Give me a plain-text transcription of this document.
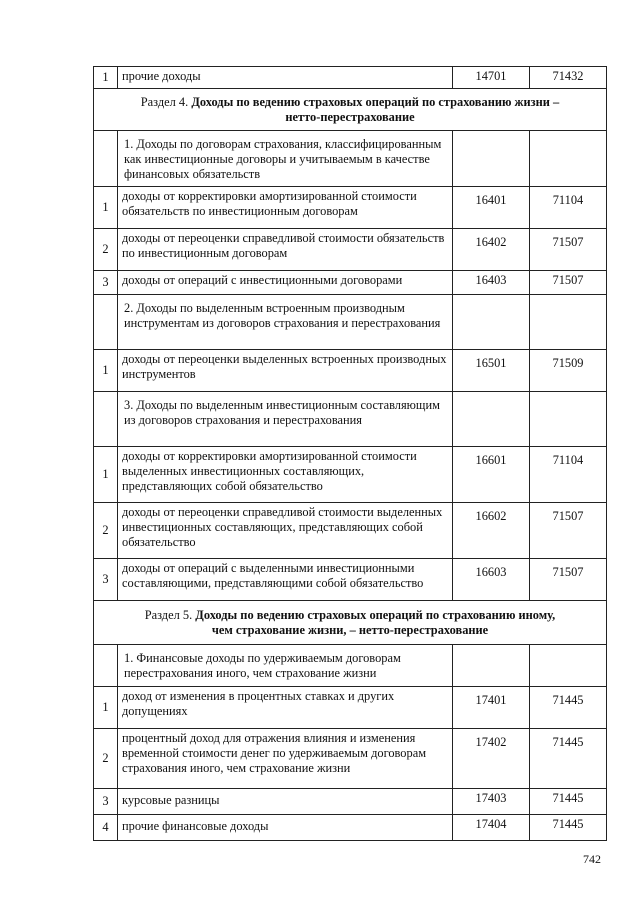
1	прочие доходы	14701	71432
Раздел 4. Доходы по ведению страховых операций по страхованию жизни –
нетто-перестрахование			
	1. Доходы по договорам страхования, классифицированным как инвестиционные договоры и учитываемым в качестве финансовых обязательств		
1	доходы от корректировки амортизированной стоимости обязательств по инвестиционным договорам	16401	71104
2	доходы от переоценки справедливой стоимости обязательств по инвестиционным договорам	16402	71507
3	доходы от операций с инвестиционными договорами	16403	71507
	2. Доходы по выделенным встроенным производным инструментам из договоров страхования и перестрахования		
1	доходы от переоценки выделенных встроенных производных инструментов	16501	71509
	3. Доходы по выделенным инвестиционным составляющим из договоров страхования и перестрахования		
1	доходы от корректировки амортизированной стоимости выделенных инвестиционных составляющих, представляющих собой обязательство	16601	71104
2	доходы от переоценки справедливой стоимости выделенных инвестиционных составляющих, представляющих собой обязательство	16602	71507
3	доходы от операций с выделенными инвестиционными составляющими, представляющими собой обязательство	16603	71507
Раздел 5. Доходы по ведению страховых операций по страхованию иному,
чем страхование жизни, – нетто-перестрахование			
	1. Финансовые доходы по удерживаемым договорам перестрахования иного, чем страхование жизни		
1	доход от изменения в процентных ставках и других допущениях	17401	71445
2	процентный доход для отражения влияния и изменения временной стоимости денег по удерживаемым договорам страхования иного, чем страхование жизни	17402	71445
3	курсовые разницы	17403	71445
4	прочие финансовые доходы	17404	71445
742
